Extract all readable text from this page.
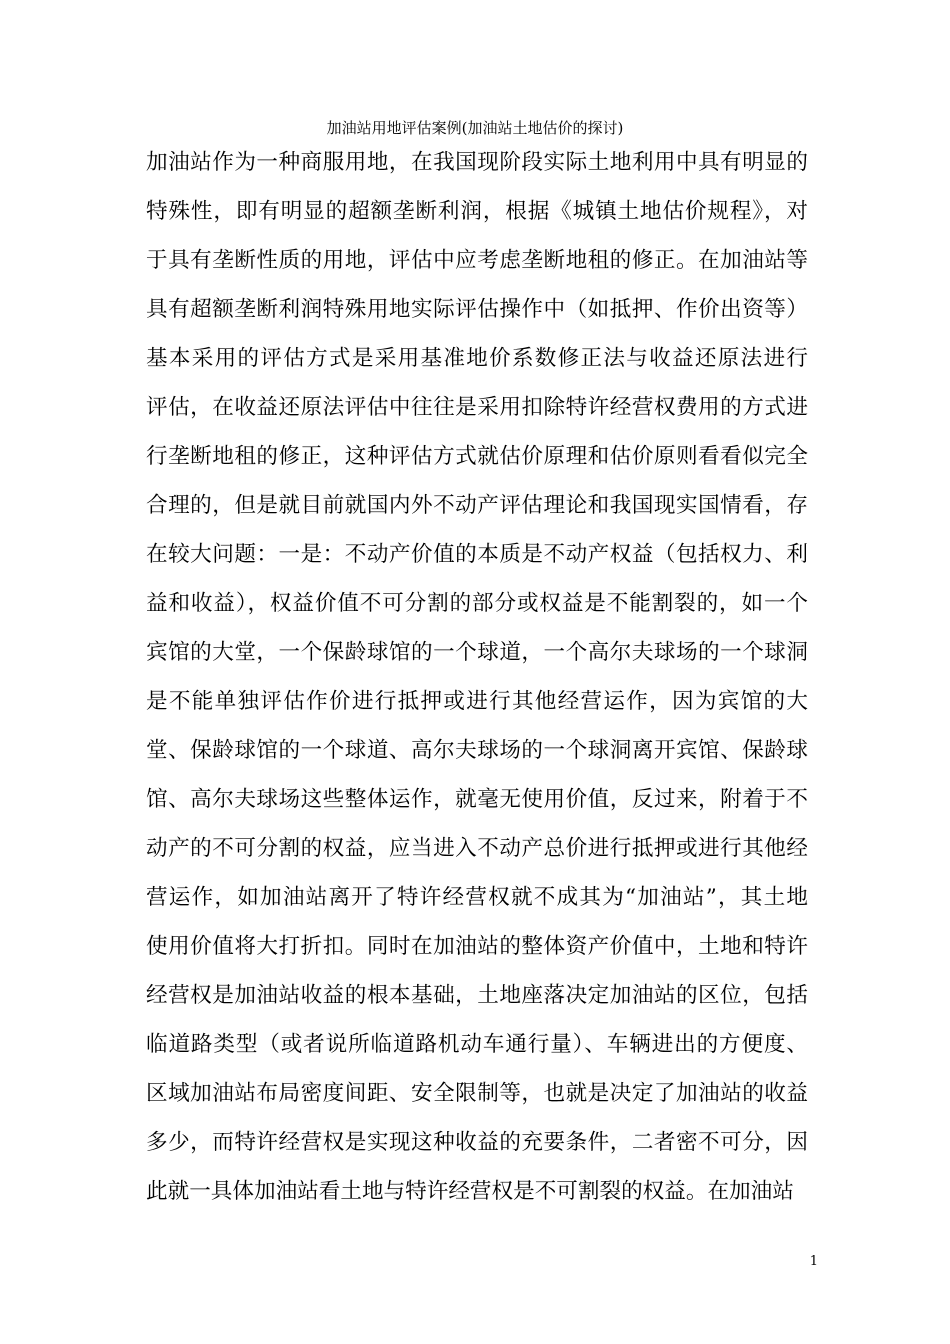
加油站用地评估案例(加油站土地估价的探讨)
加油站作为一种商服用地，在我国现阶段实际土地利用中具有明显的
特殊性，即有明显的超额垄断利润，根据《城镇土地估价规程》，对
于具有垄断性质的用地，评估中应考虑垄断地租的修正。在加油站等
具有超额垄断利润特殊用地实际评估操作中（如抵押、作价出资等）
基本采用的评估方式是采用基准地价系数修正法与收益还原法进行
评估，在收益还原法评估中往往是采用扣除特许经营权费用的方式进
行垄断地租的修正，这种评估方式就估价原理和估价原则看看似完全
合理的，但是就目前就国内外不动产评估理论和我国现实国情看，存
在较大问题：一是：不动产价值的本质是不动产权益（包括权力、利
益和收益），权益价值不可分割的部分或权益是不能割裂的，如一个
宾馆的大堂，一个保龄球馆的一个球道，一个高尔夫球场的一个球洞
是不能单独评估作价进行抵押或进行其他经营运作，因为宾馆的大
堂、保龄球馆的一个球道、高尔夫球场的一个球洞离开宾馆、保龄球
馆、高尔夫球场这些整体运作，就毫无使用价值，反过来，附着于不
动产的不可分割的权益，应当进入不动产总价进行抵押或进行其他经
营运作，如加油站离开了特许经营权就不成其为“加油站”，其土地
使用价值将大打折扣。同时在加油站的整体资产价值中，土地和特许
经营权是加油站收益的根本基础，土地座落决定加油站的区位，包括
临道路类型（或者说所临道路机动车通行量）、车辆进出的方便度、
区域加油站布局密度间距、安全限制等，也就是决定了加油站的收益
多少，而特许经营权是实现这种收益的充要条件，二者密不可分，因
此就一具体加油站看土地与特许经营权是不可割裂的权益。在加油站
1
